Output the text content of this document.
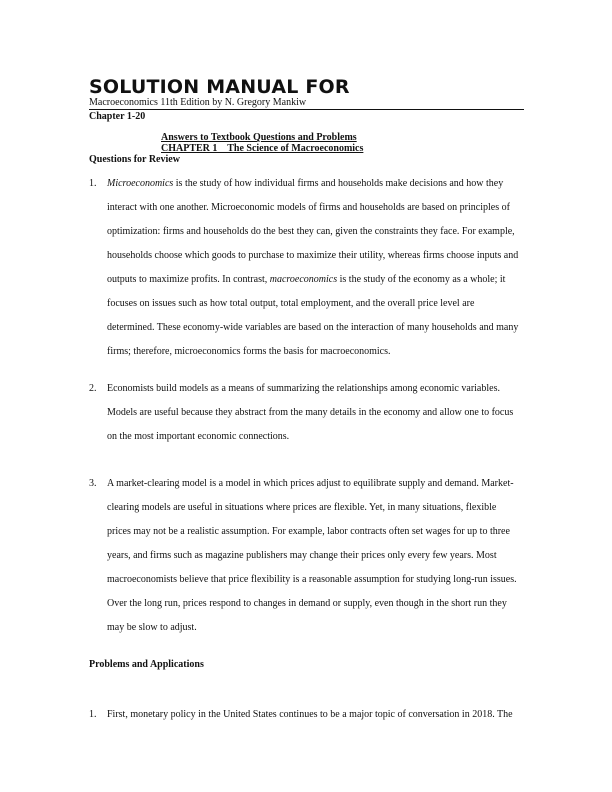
SOLUTION MANUAL FOR
Macroeconomics 11th Edition by N. Gregory Mankiw
Chapter 1-20
Answers to Textbook Questions and Problems
CHAPTER 1    The Science of Macroeconomics
Questions for Review
1. Microeconomics is the study of how individual firms and households make decisions and how they
interact with one another. Microeconomic models of firms and households are based on principles of
optimization: firms and households do the best they can, given the constraints they face. For example,
households choose which goods to purchase to maximize their utility, whereas firms choose inputs and
outputs to maximize profits. In contrast, macroeconomics is the study of the economy as a whole; it
focuses on issues such as how total output, total employment, and the overall price level are
determined. These economy-wide variables are based on the interaction of many households and many
firms; therefore, microeconomics forms the basis for macroeconomics.
2. Economists build models as a means of summarizing the relationships among economic variables.
Models are useful because they abstract from the many details in the economy and allow one to focus
on the most important economic connections.
3. A market-clearing model is a model in which prices adjust to equilibrate supply and demand. Market-
clearing models are useful in situations where prices are flexible. Yet, in many situations, flexible
prices may not be a realistic assumption. For example, labor contracts often set wages for up to three
years, and firms such as magazine publishers may change their prices only every few years. Most
macroeconomists believe that price flexibility is a reasonable assumption for studying long-run issues.
Over the long run, prices respond to changes in demand or supply, even though in the short run they
may be slow to adjust.
Problems and Applications
1. First, monetary policy in the United States continues to be a major topic of conversation in 2018. The
